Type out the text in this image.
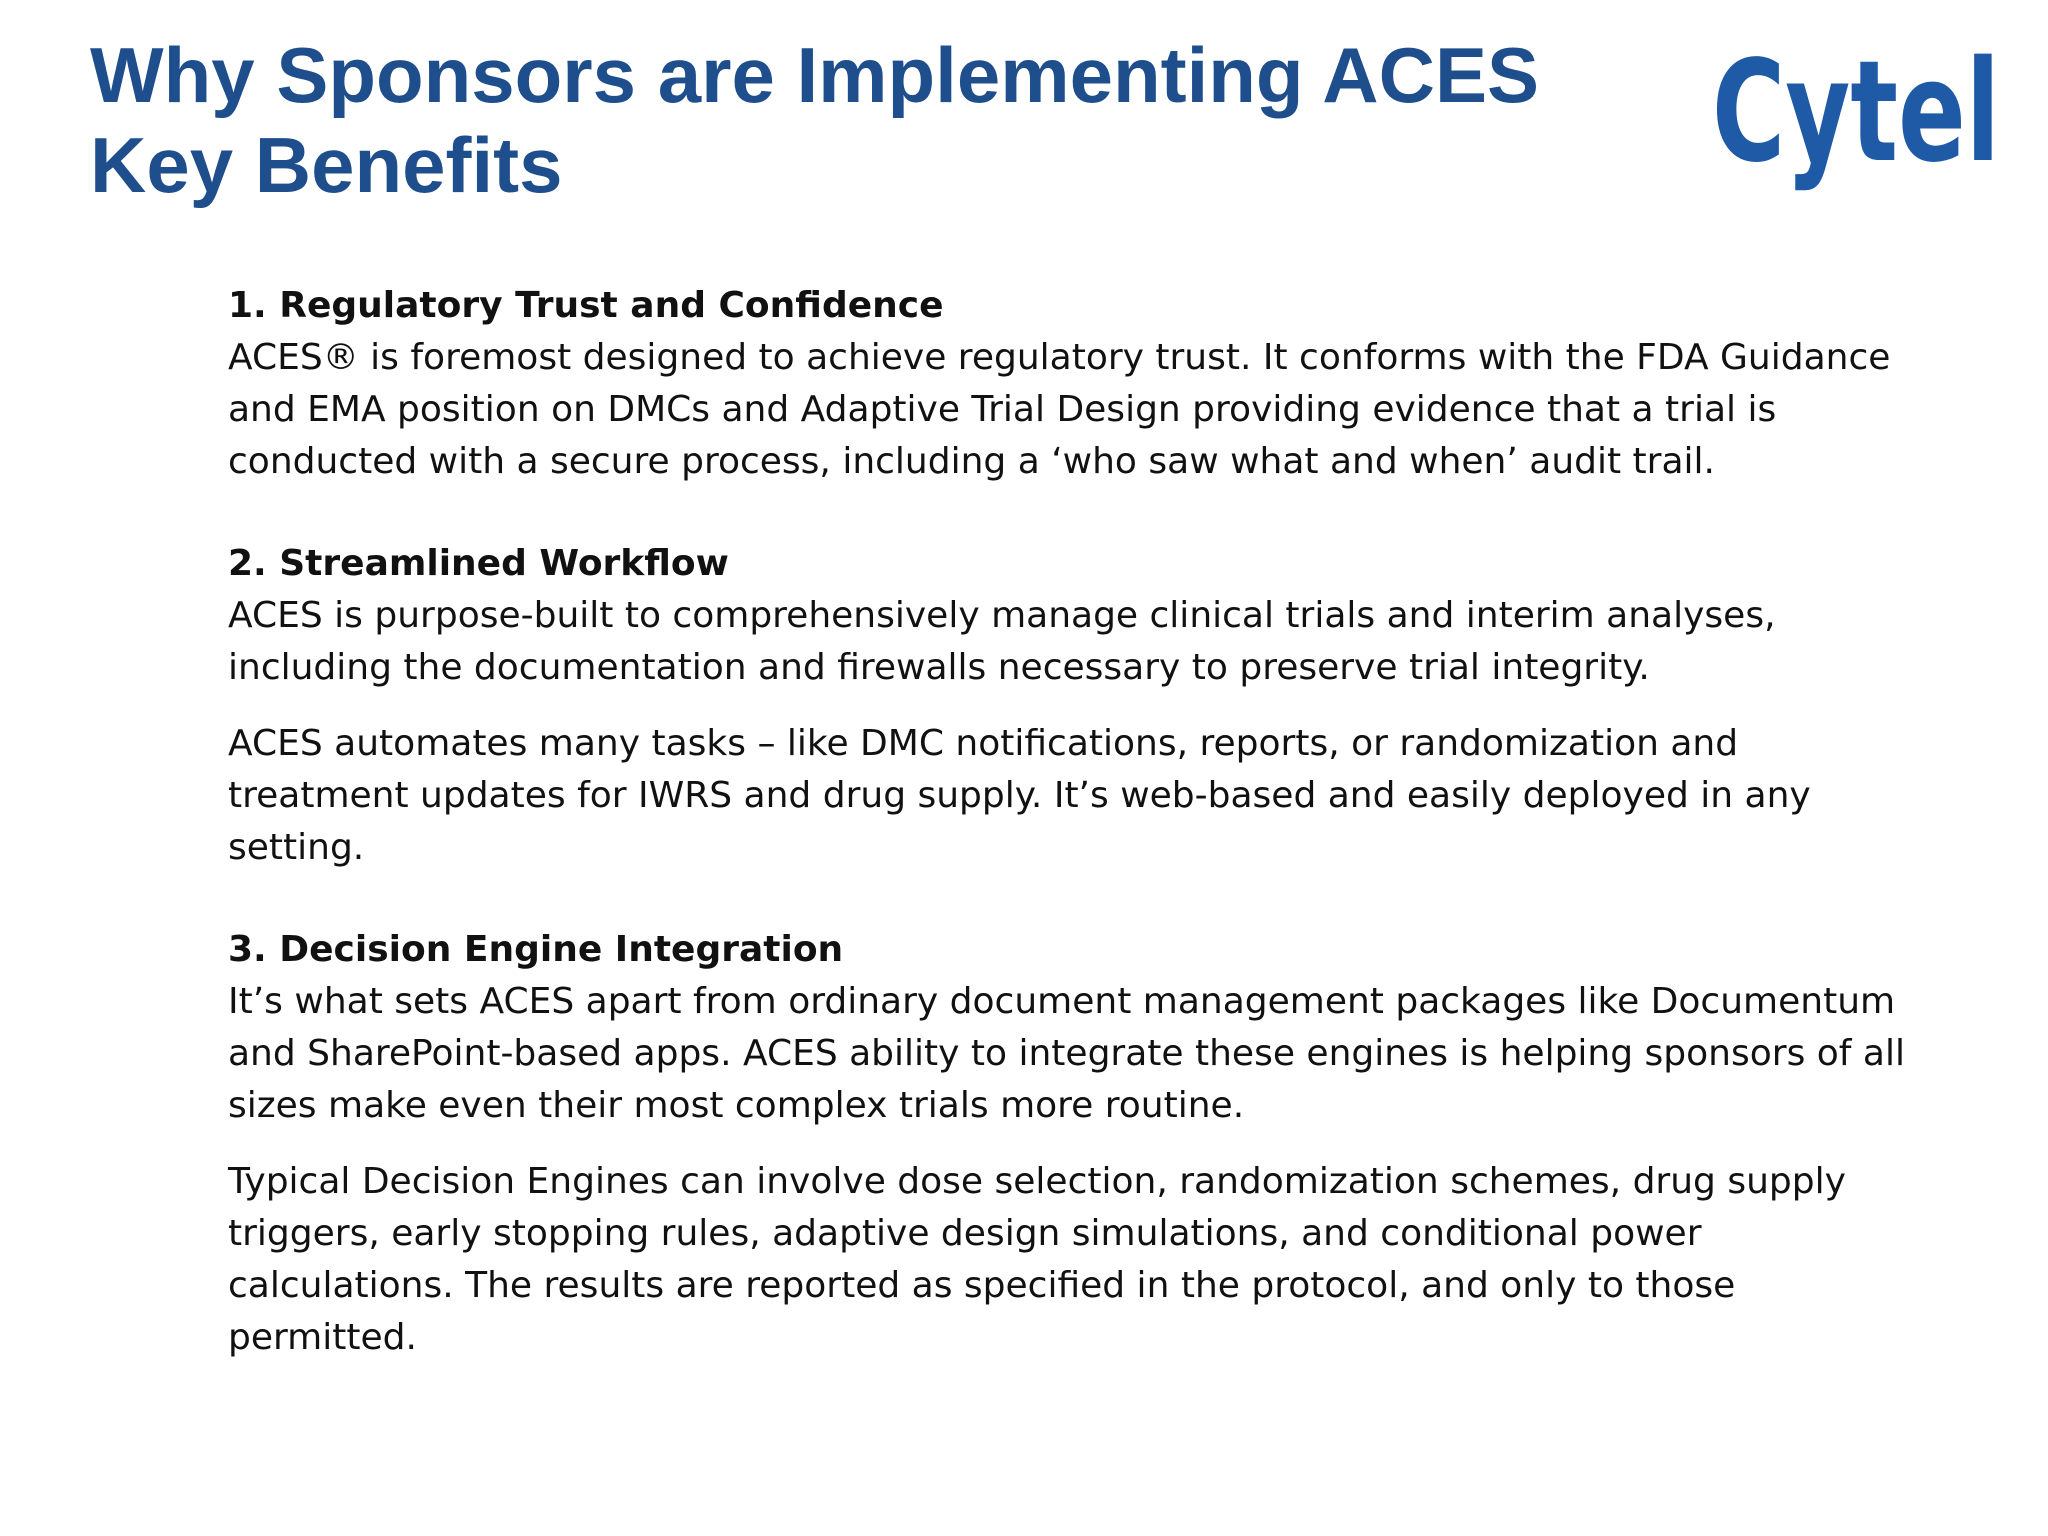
Why Sponsors are Implementing ACES
Key Benefits	Cytel

1. Regulatory Trust and Confidence

ACES® is foremost designed to achieve regulatory trust. It conforms with the FDA Guidance and EMA position on DMCs and Adaptive Trial Design providing evidence that a trial is conducted with a secure process, including a ‘who saw what and when’ audit trail.

2. Streamlined Workflow

ACES is purpose-built to comprehensively manage clinical trials and interim analyses, including the documentation and firewalls necessary to preserve trial integrity.

ACES automates many tasks – like DMC notifications, reports, or randomization and treatment updates for IWRS and drug supply. It’s web-based and easily deployed in any setting.

3. Decision Engine Integration

It’s what sets ACES apart from ordinary document management packages like Documentum and SharePoint-based apps. ACES ability to integrate these engines is helping sponsors of all sizes make even their most complex trials more routine.

Typical Decision Engines can involve dose selection, randomization schemes, drug supply triggers, early stopping rules, adaptive design simulations, and conditional power calculations. The results are reported as specified in the protocol, and only to those permitted.
